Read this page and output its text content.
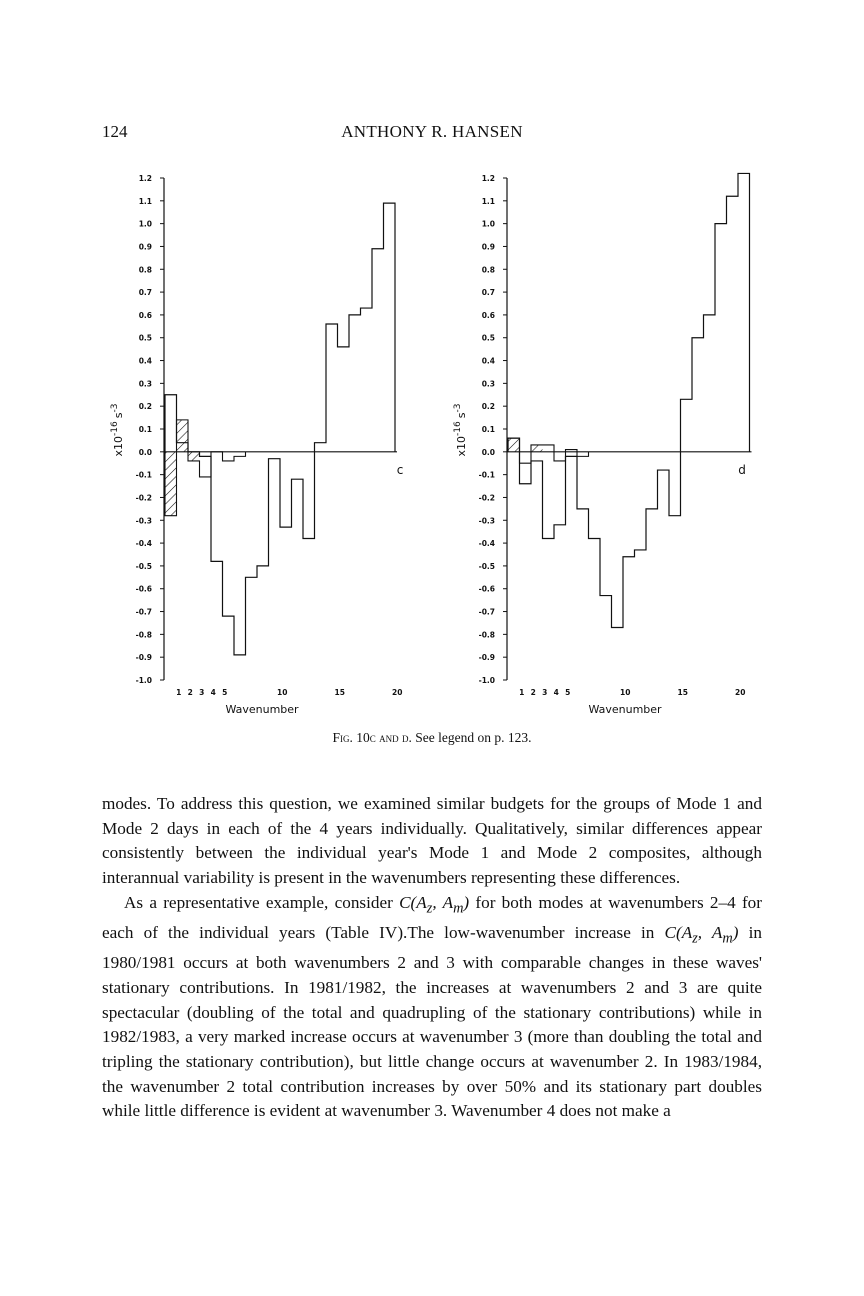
124	ANTHONY R. HANSEN
1.2
1.1
1.0
0.9
0.8
0.7
0.6
0.5
0.4
0.3
0.2
0.1
0.0
-0.1
-0.2
-0.3
-0.4
-0.5
-0.6
-0.7
-0.8
-0.9
-1.0
1 2 3 4 5	10	15	20
Wavenumber
c
$x10^{-16}s^{-3}$
1.2
1.1
1.0
0.9
0.8
0.7
0.6
0.5
0.4
0.3
0.2
0.1
0.0
-0.1
-0.2
-0.3
-0.4
-0.5
-0.6
-0.7
-0.8
-0.9
-1.0
1 2 3 4 5	10	15	20
Wavenumber
d
$x10^{-16}s^{-3}$
Fig. 10c and d. See legend on p. 123.

modes. To address this question, we examined similar budgets for the groups of Mode 1 and Mode 2 days in each of the 4 years individually. Qualitatively, similar differences appear consistently between the individual year's Mode 1 and Mode 2 composites, although interannual variability is present in the wavenumbers representing these differences.

As a representative example, consider $C(A_z$, $A_m$) for both modes at wavenumbers 2–4 for each of the individual years (Table IV).The low-wavenumber increase in $C(A_z$, $A_m$) in 1980/1981 occurs at both wavenumbers 2 and 3 with comparable changes in these waves' stationary contributions. In 1981/1982, the increases at wavenumbers 2 and 3 are quite spectacular (doubling of the total and quadrupling of the stationary contributions) while in 1982/1983, a very marked increase occurs at wavenumber 3 (more than doubling the total and tripling the stationary contribution), but little change occurs at wavenumber 2. In 1983/1984, the wavenumber 2 total contribution increases by over 50% and its stationary part doubles while little difference is evident at wavenumber 3. Wavenumber 4 does not make a
